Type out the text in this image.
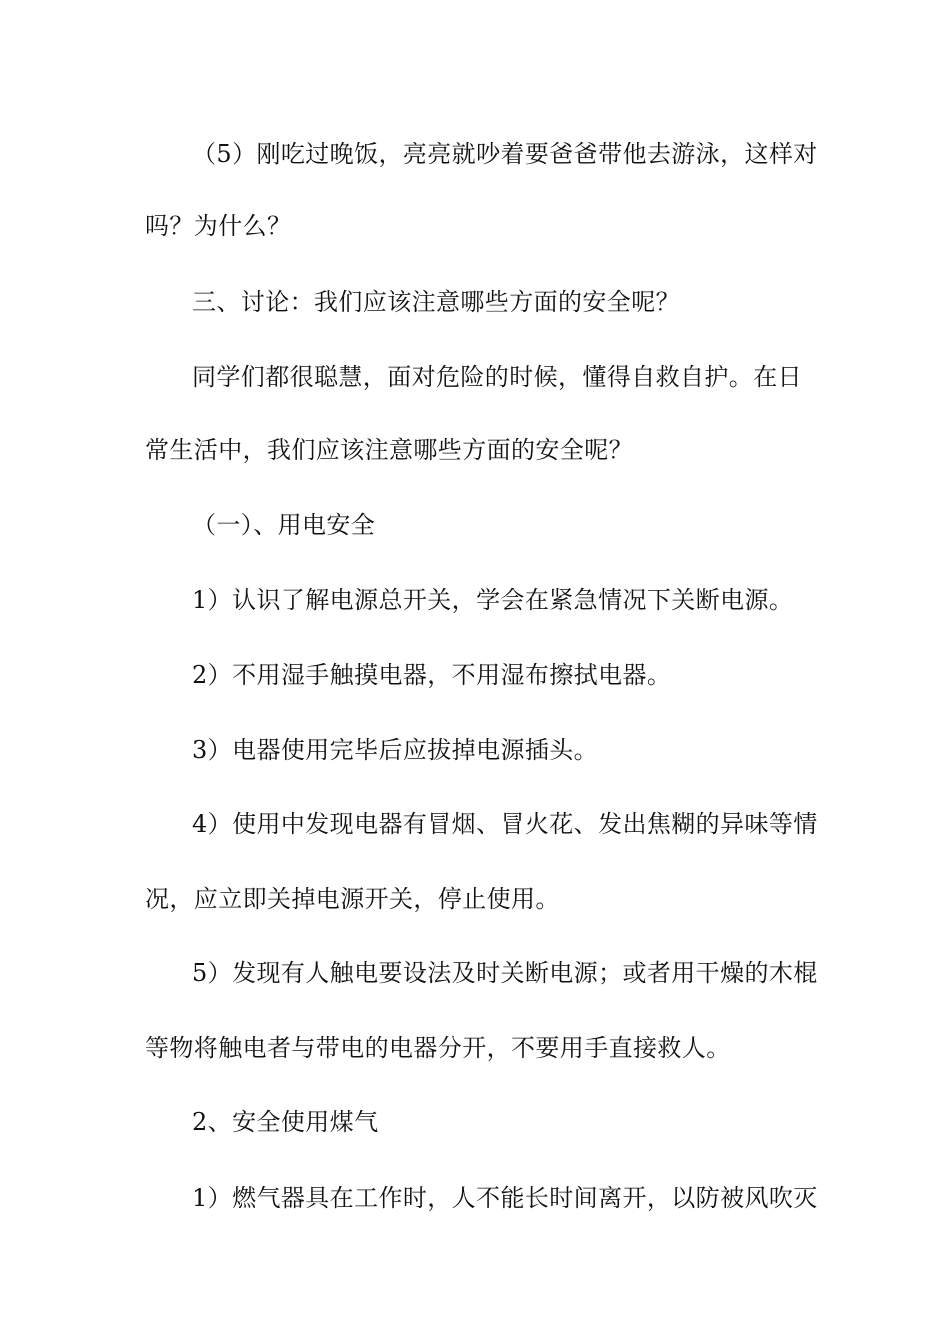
（5）刚吃过晚饭，亮亮就吵着要爸爸带他去游泳，这样对
吗？为什么？
三、讨论：我们应该注意哪些方面的安全呢？
同学们都很聪慧，面对危险的时候，懂得自救自护。在日
常生活中，我们应该注意哪些方面的安全呢？
（一）、用电安全
1）认识了解电源总开关，学会在紧急情况下关断电源。
2）不用湿手触摸电器，不用湿布擦拭电器。
3）电器使用完毕后应拔掉电源插头。
4）使用中发现电器有冒烟、冒火花、发出焦糊的异味等情
况，应立即关掉电源开关，停止使用。
5）发现有人触电要设法及时关断电源；或者用干燥的木棍
等物将触电者与带电的电器分开，不要用手直接救人。
2、安全使用煤气
1）燃气器具在工作时，人不能长时间离开，以防被风吹灭
